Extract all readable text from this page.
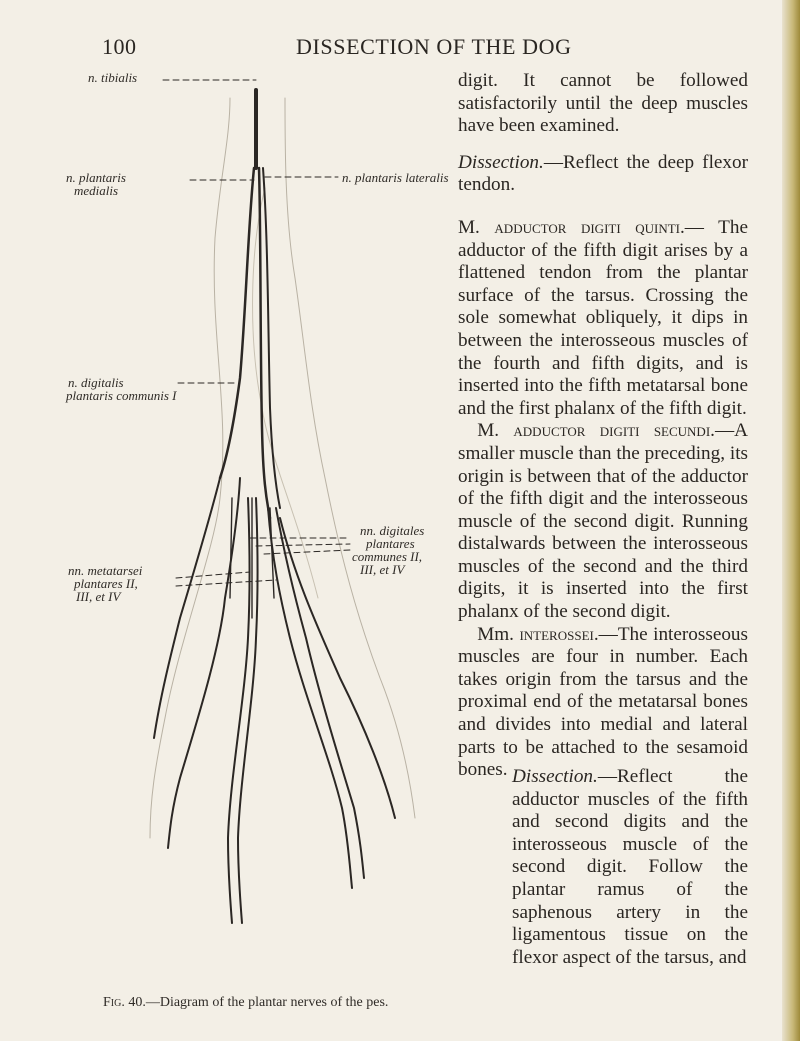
100	DISSECTION OF THE DOG
n. tibialis
n. plantaris
medialis
n. plantaris lateralis
n. digitalis
plantaris communis I
nn. digitales
plantares
communes II,
III, et IV
nn. metatarsei
plantares II,
III, et IV
Fig. 40.—Diagram of the plantar nerves of the pes.

digit. It cannot be followed satisfactorily until the deep muscles have been examined.

Dissection.—Reflect the deep flexor tendon.

M. adductor digiti quinti.— The adductor of the fifth digit arises by a flattened tendon from the plantar surface of the tarsus. Crossing the sole somewhat obliquely, it dips in between the interosseous muscles of the fourth and fifth digits, and is inserted into the fifth metatarsal bone and the first phalanx of the fifth digit.

 M. adductor digiti secundi.—A smaller muscle than the preceding, its origin is between that of the adductor of the fifth digit and the interosseous muscle of the second digit. Running distalwards between the interosseous muscles of the second and the third digits, it is inserted into the first phalanx of the second digit.

 Mm. interossei.—The interosseous muscles are four in number. Each takes origin from the tarsus and the proximal end of the metatarsal bones and divides into medial and lateral parts to be attached to the sesamoid bones. Dissection.—Reflect the adductor muscles of the fifth and second digits and the interosseous muscle of the second digit. Follow the plantar ramus of the saphenous artery in the ligamentous tissue on the flexor aspect of the tarsus, and
